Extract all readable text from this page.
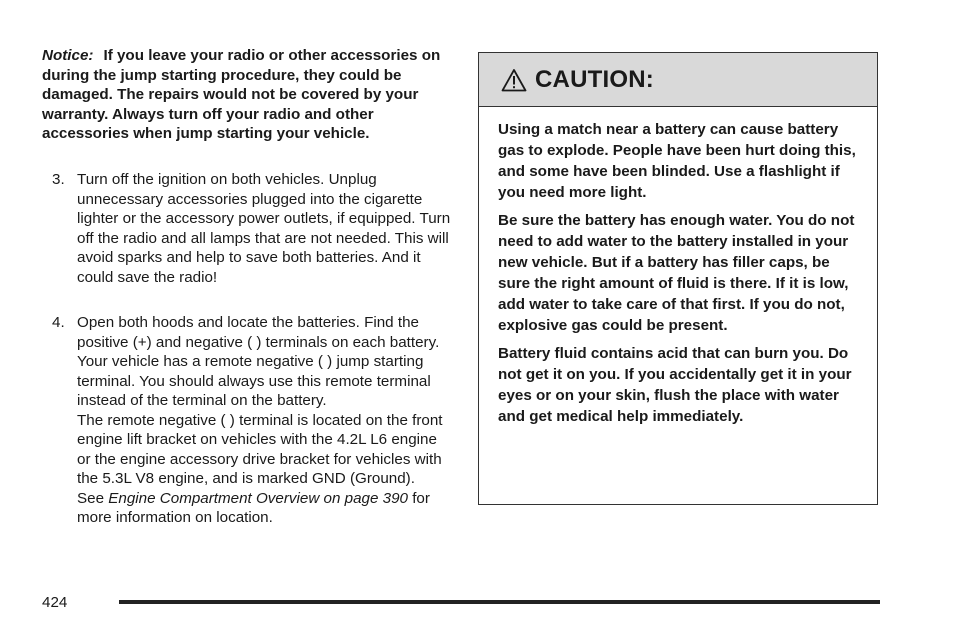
Notice: If you leave your radio or other accessories on during the jump starting procedure, they could be damaged. The repairs would not be covered by your warranty. Always turn off your radio and other accessories when jump starting your vehicle.

3. Turn off the ignition on both vehicles. Unplug unnecessary accessories plugged into the cigarette lighter or the accessory power outlets, if equipped. Turn off the radio and all lamps that are not needed. This will avoid sparks and help to save both batteries. And it could save the radio!

4. Open both hoods and locate the batteries. Find the positive (+) and negative ( ) terminals on each battery. Your vehicle has a remote negative ( ) jump starting terminal. You should always use this remote terminal instead of the terminal on the battery.

The remote negative ( ) terminal is located on the front engine lift bracket on vehicles with the 4.2L L6 engine or the engine accessory drive bracket for vehicles with the 5.3L V8 engine, and is marked GND (Ground).

See Engine Compartment Overview on page 390 for more information on location.

CAUTION:

Using a match near a battery can cause battery gas to explode. People have been hurt doing this, and some have been blinded. Use a flashlight if you need more light.

Be sure the battery has enough water. You do not need to add water to the battery installed in your new vehicle. But if a battery has filler caps, be sure the right amount of fluid is there. If it is low, add water to take care of that first. If you do not, explosive gas could be present.

Battery fluid contains acid that can burn you. Do not get it on you. If you accidentally get it in your eyes or on your skin, flush the place with water and get medical help immediately.

424
